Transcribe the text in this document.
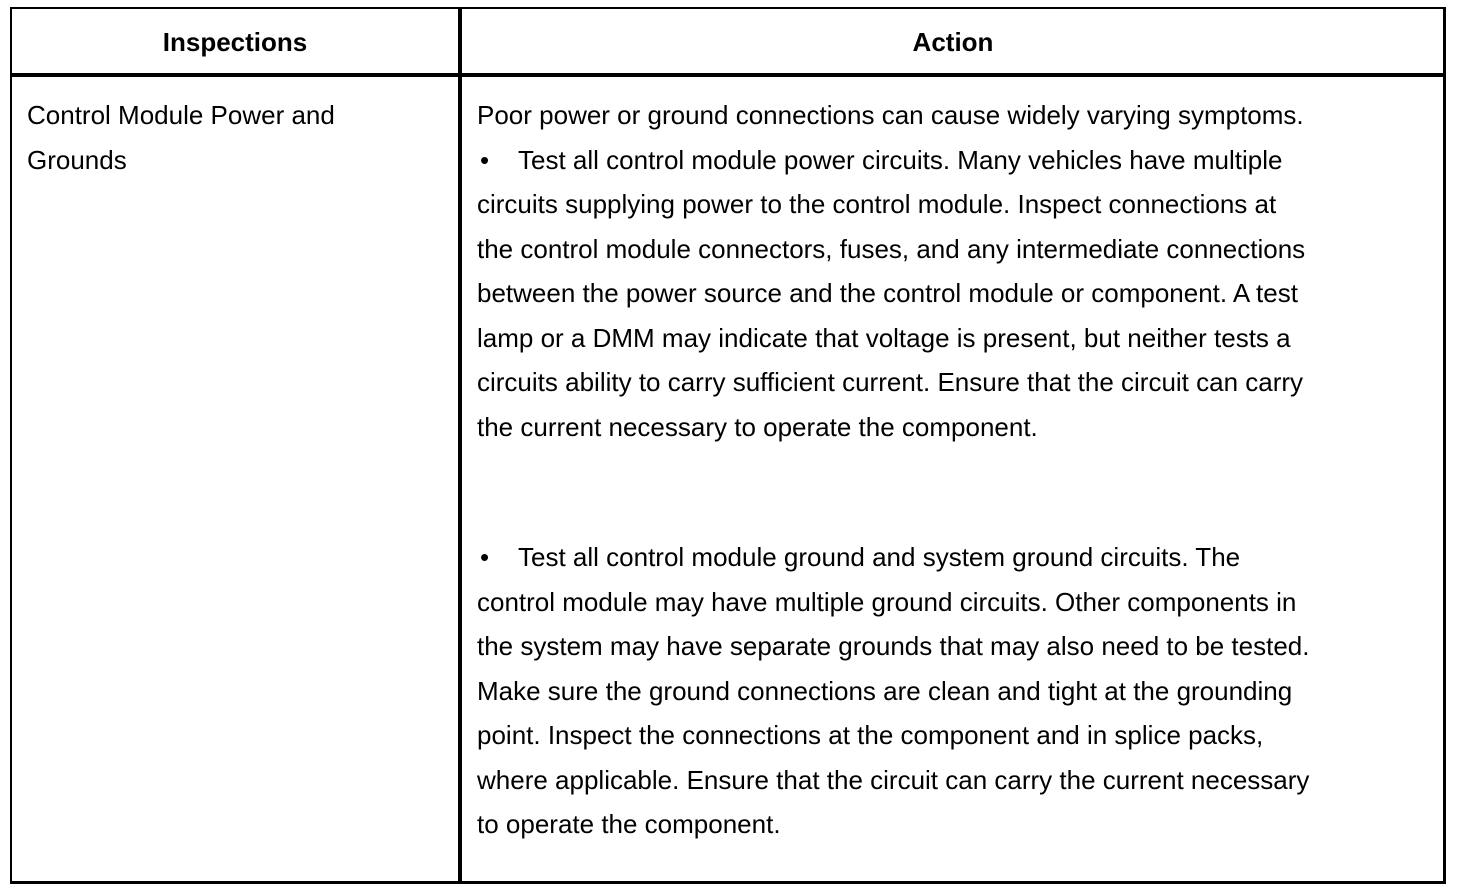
Inspections	Action
Control Module Power and
Grounds

Poor power or ground connections can cause widely varying symptoms.

• Test all control module power circuits. Many vehicles have multiple

circuits supplying power to the control module. Inspect connections at
the control module connectors, fuses, and any intermediate connections
between the power source and the control module or component. A test
lamp or a DMM may indicate that voltage is present, but neither tests a
circuits ability to carry sufficient current. Ensure that the circuit can carry
the current necessary to operate the component.

• Test all control module ground and system ground circuits. The

control module may have multiple ground circuits. Other components in
the system may have separate grounds that may also need to be tested.
Make sure the ground connections are clean and tight at the grounding
point. Inspect the connections at the component and in splice packs,
where applicable. Ensure that the circuit can carry the current necessary
to operate the component.
